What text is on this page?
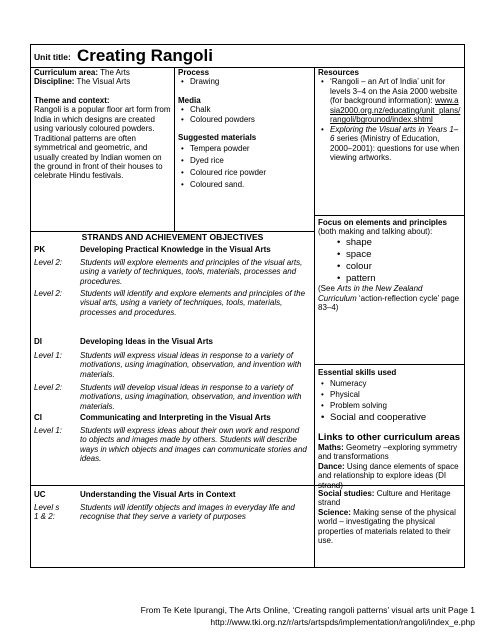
Unit title: Creating Rangoli
Curriculum area: The Arts
Discipline: The Visual Arts
Theme and context:
Rangoli is a popular floor art form from India in which designs are created using variously coloured powders. Traditional patterns are often symmetrical and geometric, and usually created by Indian women on the ground in front of their houses to celebrate Hindu festivals.
Process
• Drawing
Media
• Chalk
• Coloured powders
Suggested materials
• Tempera powder
• Dyed rice
• Coloured rice powder
• Coloured sand.
Resources
• ‘Rangoli – an Art of India’ unit for levels 3–4 on the Asia 2000 website (for background information): www.asia2000.org.nz/educating/unit_plans/rangoli/bgrounod/index.shtml
• Exploring the Visual arts in Years 1–6 series (Ministry of Education, 2000–2001): questions for use when viewing artworks.
STRANDS AND ACHIEVEMENT OBJECTIVES
PK	Developing Practical Knowledge in the Visual Arts
Level 2: Students will explore elements and principles of the visual arts, using a variety of techniques, tools, materials, processes and procedures.
Level 2: Students will identify and explore elements and principles of the visual arts, using a variety of techniques, tools, materials, processes and procedures.
DI	Developing Ideas in the Visual Arts
Level 1: Students will express visual ideas in response to a variety of motivations, using imagination, observation, and invention with materials.
Level 2: Students will develop visual ideas in response to a variety of motivations, using imagination, observation, and invention with materials.
CI	Communicating and Interpreting in the Visual Arts
Level 1: Students will express ideas about their own work and respond to objects and images made by others. Students will describe ways in which objects and images can communicate stories and ideas.
UC	Understanding the Visual Arts in Context
Level s 1 & 2:
Students will identify objects and images in everyday life and recognise that they serve a variety of purposes
Focus on elements and principles
(both making and talking about):
• shape
• space
• colour
• pattern
(See Arts in the New Zealand Curriculum ‘action-reflection cycle’ page 83–4)
Essential skills used
• Numeracy
• Physical
• Problem solving
• Social and cooperative
Links to other curriculum areas
Maths: Geometry –exploring symmetry and transformations
Dance: Using dance elements of space and relationship to explore ideas (DI strand)
Social studies: Culture and Heritage strand
Science: Making sense of the physical world – investigating the physical properties of materials related to their use.
From Te Kete Ipurangi, The Arts Online, ‘Creating rangoli patterns’ visual arts unit Page 1
http://www.tki.org.nz/r/arts/artspds/implementation/rangoli/index_e.php
